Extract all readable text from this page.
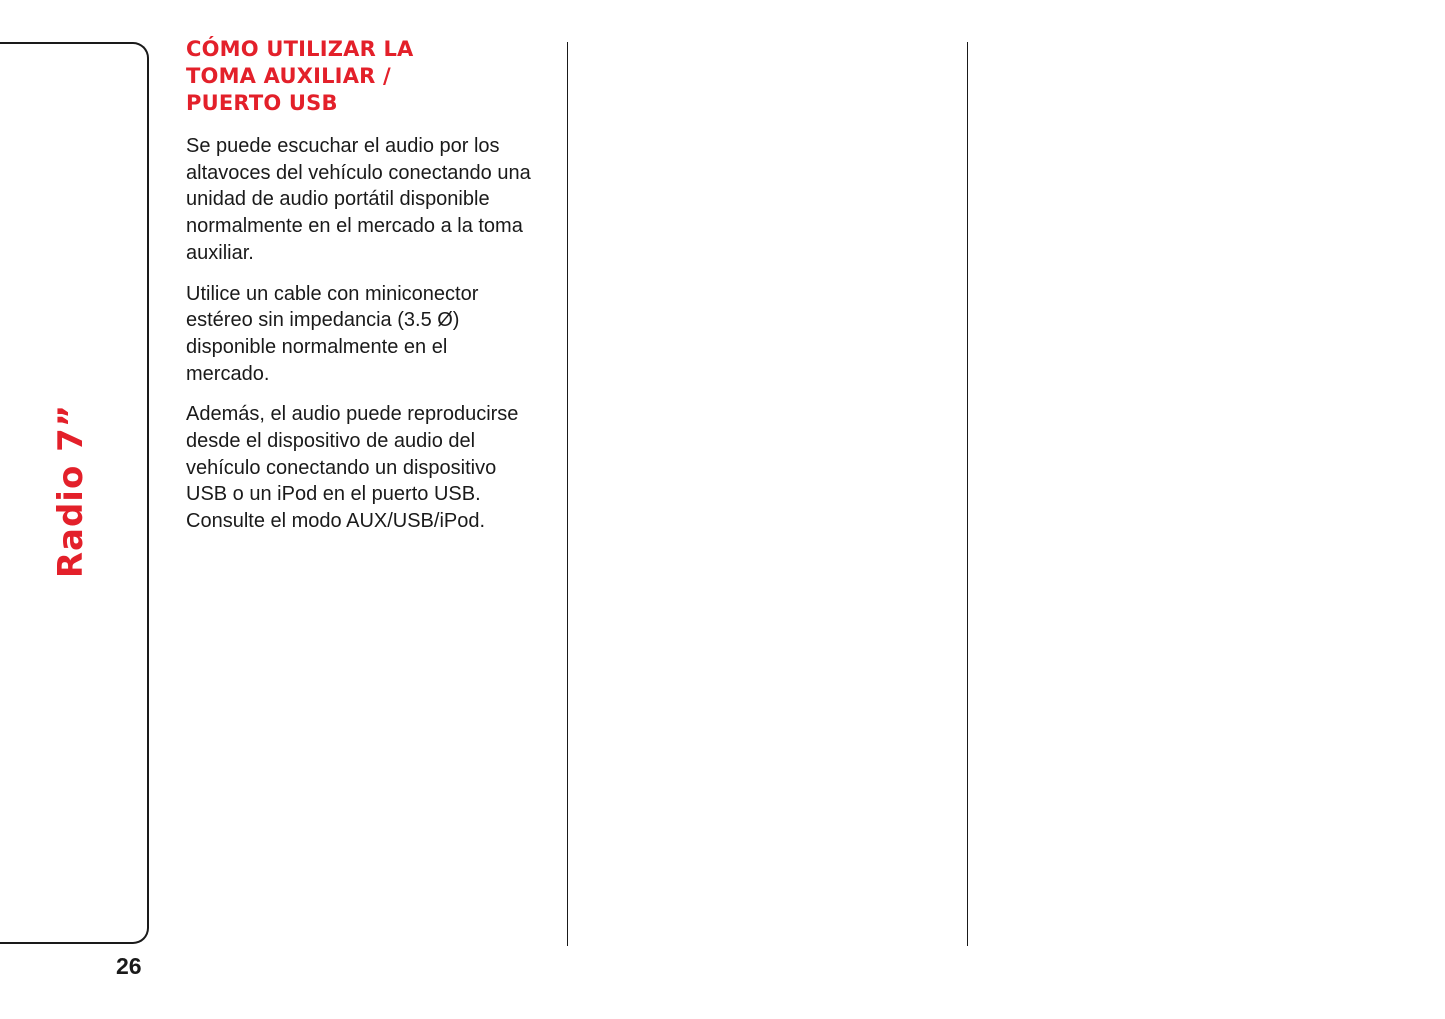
Radio 7”
26
CÓMO UTILIZAR LA
TOMA AUXILIAR /
PUERTO USB

Se puede escuchar el audio por los
altavoces del vehículo conectando una
unidad de audio portátil disponible
normalmente en el mercado a la toma
auxiliar.

Utilice un cable con miniconector
estéreo sin impedancia (3.5 Ø)
disponible normalmente en el
mercado.

Además, el audio puede reproducirse
desde el dispositivo de audio del
vehículo conectando un dispositivo
USB o un iPod en el puerto USB.
Consulte el modo AUX/USB/iPod.
